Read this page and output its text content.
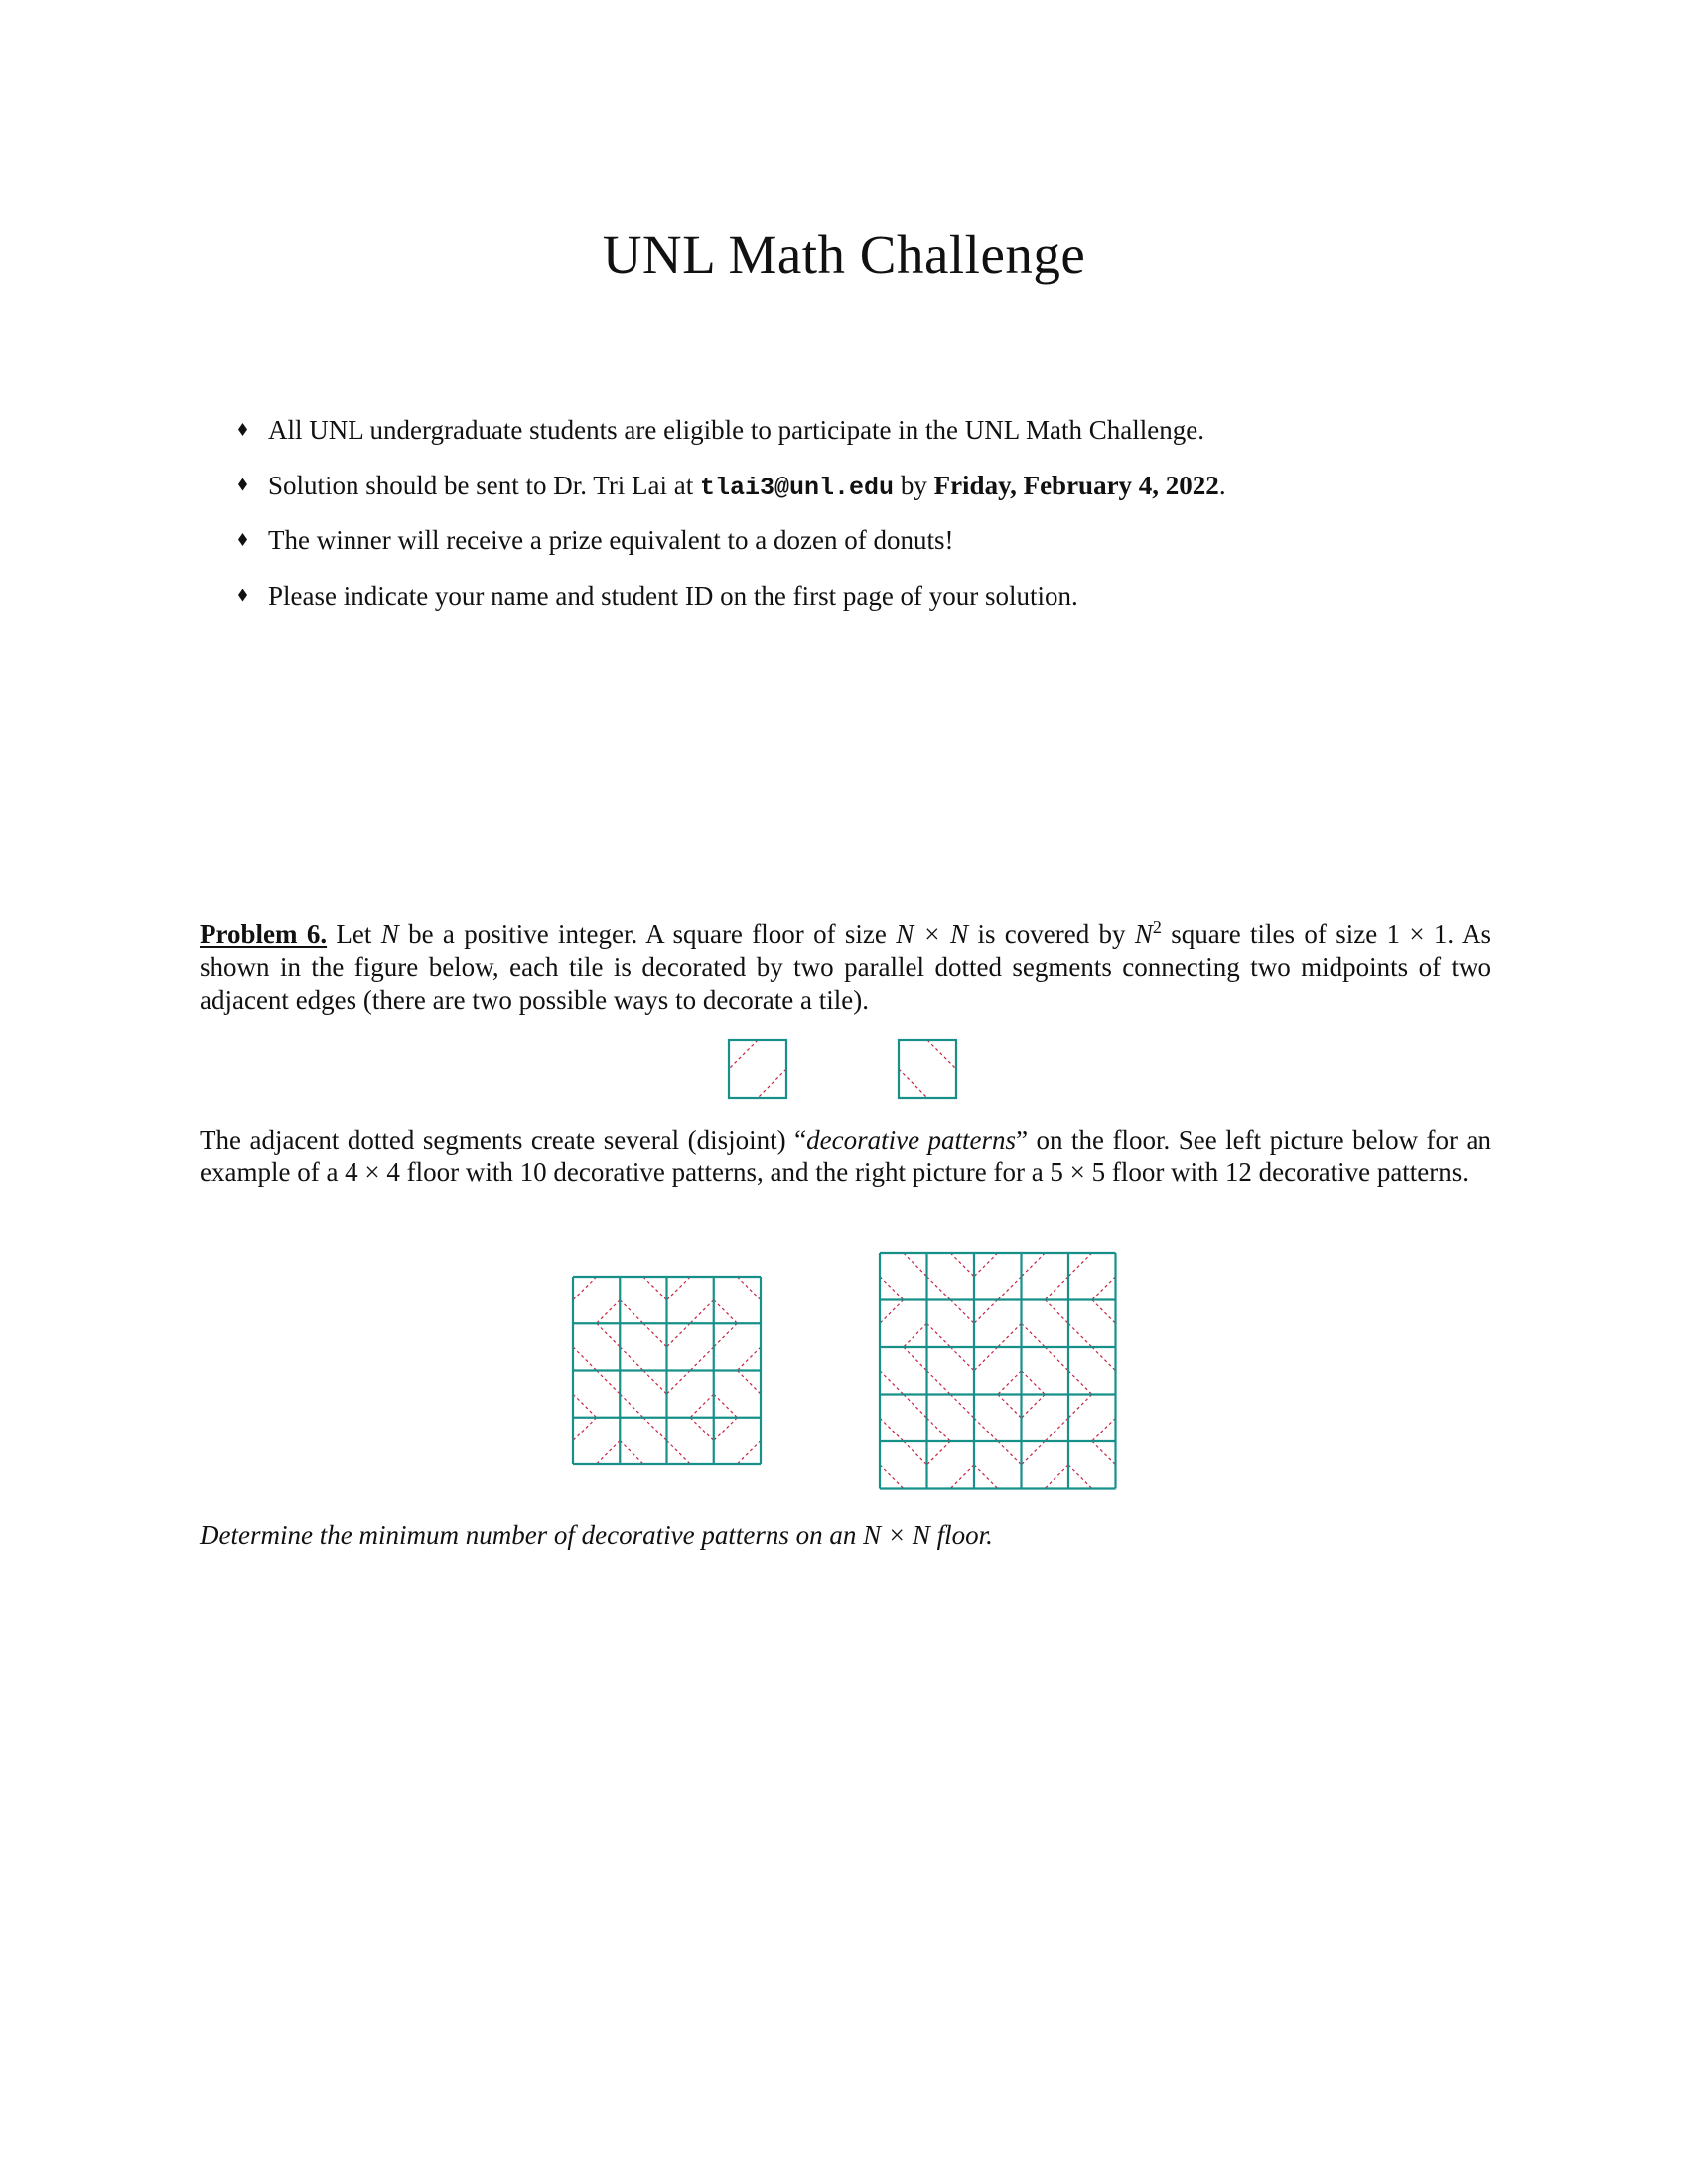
UNL Math Challenge
All UNL undergraduate students are eligible to participate in the UNL Math Challenge.
Solution should be sent to Dr. Tri Lai at tlai3@unl.edu by Friday, February 4, 2022.
The winner will receive a prize equivalent to a dozen of donuts!
Please indicate your name and student ID on the first page of your solution.
Problem 6. Let N be a positive integer. A square floor of size N × N is covered by $N^2$ square tiles of size 1 × 1. As shown in the figure below, each tile is decorated by two parallel dotted segments connecting two midpoints of two adjacent edges (there are two possible ways to decorate a tile).
The adjacent dotted segments create several (disjoint) “decorative patterns” on the floor. See left picture below for an example of a 4 × 4 floor with 10 decorative patterns, and the right picture for a 5 × 5 floor with 12 decorative patterns.
Determine the minimum number of decorative patterns on an N × N floor.
